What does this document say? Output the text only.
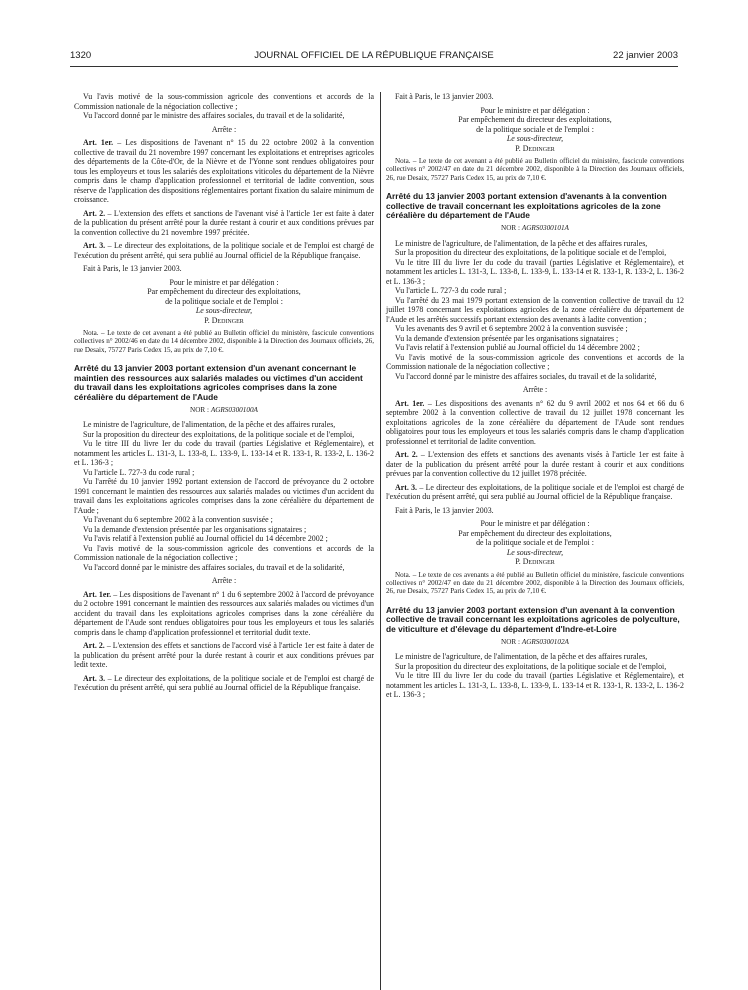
1320	JOURNAL OFFICIEL DE LA RÉPUBLIQUE FRANÇAISE	22 janvier 2003

Vu l'avis motivé de la sous-commission agricole des conventions et accords de la Commission nationale de la négociation collective ;

Vu l'accord donné par le ministre des affaires sociales, du travail et de la solidarité,

Arrête :

Art. 1er. – Les dispositions de l'avenant n° 15 du 22 octobre 2002 à la convention collective de travail du 21 novembre 1997 concernant les exploitations et entreprises agricoles des départements de la Côte-d'Or, de la Nièvre et de l'Yonne sont rendues obligatoires pour tous les employeurs et tous les salariés des exploitations viticoles du département de la Nièvre compris dans le champ d'application professionnel et territorial de ladite convention, sous réserve de l'application des dispositions réglementaires portant fixation du salaire minimum de croissance.

Art. 2. – L'extension des effets et sanctions de l'avenant visé à l'article 1er est faite à dater de la publication du présent arrêté pour la durée restant à courir et aux conditions prévues par la convention collective du 21 novembre 1997 précitée.

Art. 3. – Le directeur des exploitations, de la politique sociale et de l'emploi est chargé de l'exécution du présent arrêté, qui sera publié au Journal officiel de la République française.

Fait à Paris, le 13 janvier 2003.

Pour le ministre et par délégation :
Par empêchement du directeur des exploitations,
de la politique sociale et de l'emploi :
Le sous-directeur,
P. Dedinger

Nota. – Le texte de cet avenant a été publié au Bulletin officiel du ministère, fascicule conventions collectives n° 2002/46 en date du 14 décembre 2002, disponible à la Direction des Journaux officiels, 26, rue Desaix, 75727 Paris Cedex 15, au prix de 7,10 €.

Arrêté du 13 janvier 2003 portant extension d'un avenant concernant le maintien des ressources aux salariés malades ou victimes d'un accident du travail dans les exploitations agricoles comprises dans la zone céréalière du département de l'Aude

NOR : AGRS0300100A

Le ministre de l'agriculture, de l'alimentation, de la pêche et des affaires rurales,

Sur la proposition du directeur des exploitations, de la politique sociale et de l'emploi,

Vu le titre III du livre Ier du code du travail (parties Législative et Réglementaire), et notamment les articles L. 131-3, L. 133-8, L. 133-9, L. 133-14 et R. 133-1, R. 133-2, L. 136-2 et L. 136-3 ;

Vu l'article L. 727-3 du code rural ;

Vu l'arrêté du 10 janvier 1992 portant extension de l'accord de prévoyance du 2 octobre 1991 concernant le maintien des ressources aux salariés malades ou victimes d'un accident du travail dans les exploitations agricoles comprises dans la zone céréalière du département de l'Aude ;

Vu l'avenant du 6 septembre 2002 à la convention susvisée ;

Vu la demande d'extension présentée par les organisations signataires ;

Vu l'avis relatif à l'extension publié au Journal officiel du 14 décembre 2002 ;

Vu l'avis motivé de la sous-commission agricole des conventions et accords de la Commission nationale de la négociation collective ;

Vu l'accord donné par le ministre des affaires sociales, du travail et de la solidarité,

Arrête :

Art. 1er. – Les dispositions de l'avenant n° 1 du 6 septembre 2002 à l'accord de prévoyance du 2 octobre 1991 concernant le maintien des ressources aux salariés malades ou victimes d'un accident du travail dans les exploitations agricoles comprises dans la zone céréalière du département de l'Aude sont rendues obligatoires pour tous les employeurs et tous les salariés compris dans le champ d'application professionnel et territorial dudit texte.

Art. 2. – L'extension des effets et sanctions de l'accord visé à l'article 1er est faite à dater de la publication du présent arrêté pour la durée restant à courir et aux conditions prévues par ledit texte.

Art. 3. – Le directeur des exploitations, de la politique sociale et de l'emploi est chargé de l'exécution du présent arrêté, qui sera publié au Journal officiel de la République française.

Fait à Paris, le 13 janvier 2003.

Pour le ministre et par délégation :
Par empêchement du directeur des exploitations,
de la politique sociale et de l'emploi :
Le sous-directeur,
P. Dedinger

Nota. – Le texte de cet avenant a été publié au Bulletin officiel du ministère, fascicule conventions collectives n° 2002/47 en date du 21 décembre 2002, disponible à la Direction des Journaux officiels, 26, rue Desaix, 75727 Paris Cedex 15, au prix de 7,10 €.

Arrêté du 13 janvier 2003 portant extension d'avenants à la convention collective de travail concernant les exploitations agricoles de la zone céréalière du département de l'Aude

NOR : AGRS0300101A

Le ministre de l'agriculture, de l'alimentation, de la pêche et des affaires rurales,

Sur la proposition du directeur des exploitations, de la politique sociale et de l'emploi,

Vu le titre III du livre Ier du code du travail (parties Législative et Réglementaire), et notamment les articles L. 131-3, L. 133-8, L. 133-9, L. 133-14 et R. 133-1, R. 133-2, L. 136-2 et L. 136-3 ;

Vu l'article L. 727-3 du code rural ;

Vu l'arrêté du 23 mai 1979 portant extension de la convention collective de travail du 12 juillet 1978 concernant les exploitations agricoles de la zone céréalière du département de l'Aude et les arrêtés successifs portant extension des avenants à ladite convention ;

Vu les avenants des 9 avril et 6 septembre 2002 à la convention susvisée ;

Vu la demande d'extension présentée par les organisations signataires ;

Vu l'avis relatif à l'extension publié au Journal officiel du 14 décembre 2002 ;

Vu l'avis motivé de la sous-commission agricole des conventions et accords de la Commission nationale de la négociation collective ;

Vu l'accord donné par le ministre des affaires sociales, du travail et de la solidarité,

Arrête :

Art. 1er. – Les dispositions des avenants n° 62 du 9 avril 2002 et nos 64 et 66 du 6 septembre 2002 à la convention collective de travail du 12 juillet 1978 concernant les exploitations agricoles de la zone céréalière du département de l'Aude sont rendues obligatoires pour tous les employeurs et tous les salariés compris dans le champ d'application professionnel et territorial de ladite convention.

Art. 2. – L'extension des effets et sanctions des avenants visés à l'article 1er est faite à dater de la publication du présent arrêté pour la durée restant à courir et aux conditions prévues par la convention collective du 12 juillet 1978 précitée.

Art. 3. – Le directeur des exploitations, de la politique sociale et de l'emploi est chargé de l'exécution du présent arrêté, qui sera publié au Journal officiel de la République française.

Fait à Paris, le 13 janvier 2003.

Pour le ministre et par délégation :
Par empêchement du directeur des exploitations,
de la politique sociale et de l'emploi :
Le sous-directeur,
P. Dedinger

Nota. – Le texte de ces avenants a été publié au Bulletin officiel du ministère, fascicule conventions collectives n° 2002/47 en date du 21 décembre 2002, disponible à la Direction des Journaux officiels, 26, rue Desaix, 75727 Paris Cedex 15, au prix de 7,10 €.

Arrêté du 13 janvier 2003 portant extension d'un avenant à la convention collective de travail concernant les exploitations agricoles de polyculture, de viticulture et d'élevage du département d'Indre-et-Loire

NOR : AGRS0300102A

Le ministre de l'agriculture, de l'alimentation, de la pêche et des affaires rurales,

Sur la proposition du directeur des exploitations, de la politique sociale et de l'emploi,

Vu le titre III du livre Ier du code du travail (parties Législative et Réglementaire), et notamment les articles L. 131-3, L. 133-8, L. 133-9, L. 133-14 et R. 133-1, R. 133-2, L. 136-2 et L. 136-3 ;
